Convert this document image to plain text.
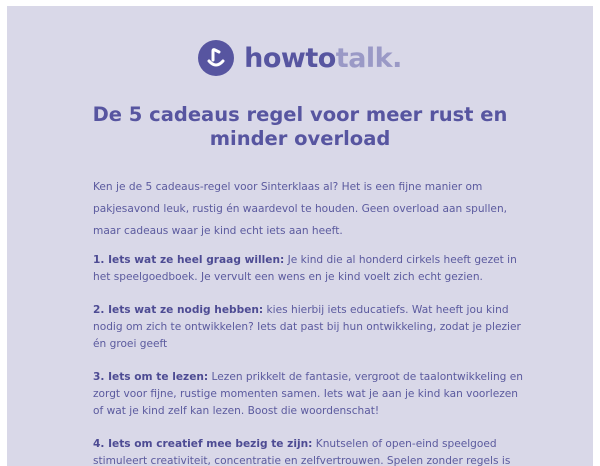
howtotalk.
De 5 cadeaus regel voor meer rust en minder overload

Ken je de 5 cadeaus-regel voor Sinterklaas al? Het is een fijne manier om pakjesavond leuk, rustig én waardevol te houden. Geen overload aan spullen, maar cadeaus waar je kind echt iets aan heeft.

1. Iets wat ze heel graag willen: Je kind die al honderd cirkels heeft gezet in het speelgoedboek. Je vervult een wens en je kind voelt zich echt gezien.

2. Iets wat ze nodig hebben: kies hierbij iets educatiefs. Wat heeft jou kind nodig om zich te ontwikkelen? Iets dat past bij hun ontwikkeling, zodat je plezier én groei geeft

3. Iets om te lezen: Lezen prikkelt de fantasie, vergroot de taalontwikkeling en zorgt voor fijne, rustige momenten samen. Iets wat je aan je kind kan voorlezen of wat je kind zelf kan lezen. Boost die woordenschat!

4. Iets om creatief mee bezig te zijn: Knutselen of open-eind speelgoed stimuleert creativiteit, concentratie en zelfvertrouwen. Spelen zonder regels is
